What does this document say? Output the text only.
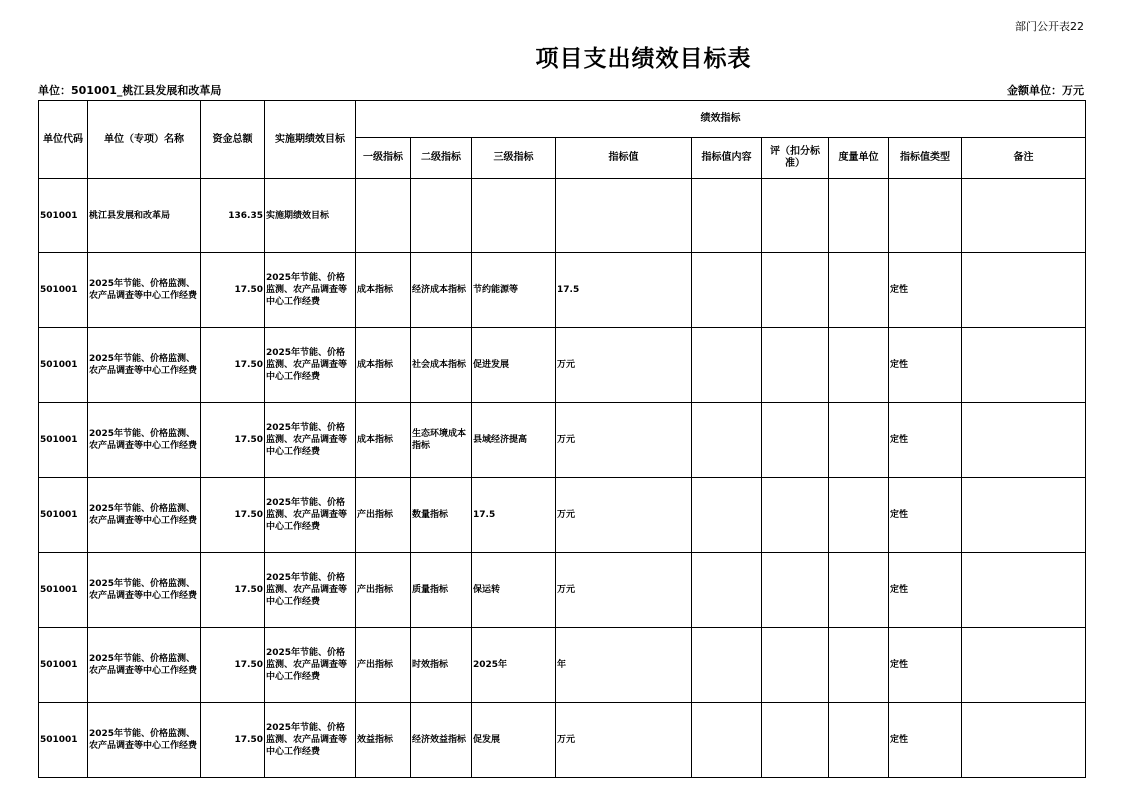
部门公开表22
项目支出绩效目标表
单位：501001_桃江县发展和改革局	金额单位：万元
单位代码	单位（专项）名称	资金总额	实施期绩效目标	绩效指标								
				一级指标	二级指标	三级指标	指标值	指标值内容	评（扣分标准）	度量单位	指标值类型	备注
501001	桃江县发展和改革局	136.35	实施期绩效目标									
501001	2025年节能、价格监测、农产品调查等中心工作经费	17.50	2025年节能、价格监测、农产品调查等中心工作经费	成本指标	经济成本指标	节约能源等	17.5				定性	
501001	2025年节能、价格监测、农产品调查等中心工作经费	17.50	2025年节能、价格监测、农产品调查等中心工作经费	成本指标	社会成本指标	促进发展	万元				定性	
501001	2025年节能、价格监测、农产品调查等中心工作经费	17.50	2025年节能、价格监测、农产品调查等中心工作经费	成本指标	生态环境成本指标	县域经济提高	万元				定性	
501001	2025年节能、价格监测、农产品调查等中心工作经费	17.50	2025年节能、价格监测、农产品调查等中心工作经费	产出指标	数量指标	17.5	万元				定性	
501001	2025年节能、价格监测、农产品调查等中心工作经费	17.50	2025年节能、价格监测、农产品调查等中心工作经费	产出指标	质量指标	保运转	万元				定性	
501001	2025年节能、价格监测、农产品调查等中心工作经费	17.50	2025年节能、价格监测、农产品调查等中心工作经费	产出指标	时效指标	2025年	年				定性	
501001	2025年节能、价格监测、农产品调查等中心工作经费	17.50	2025年节能、价格监测、农产品调查等中心工作经费	效益指标	经济效益指标	促发展	万元				定性	
